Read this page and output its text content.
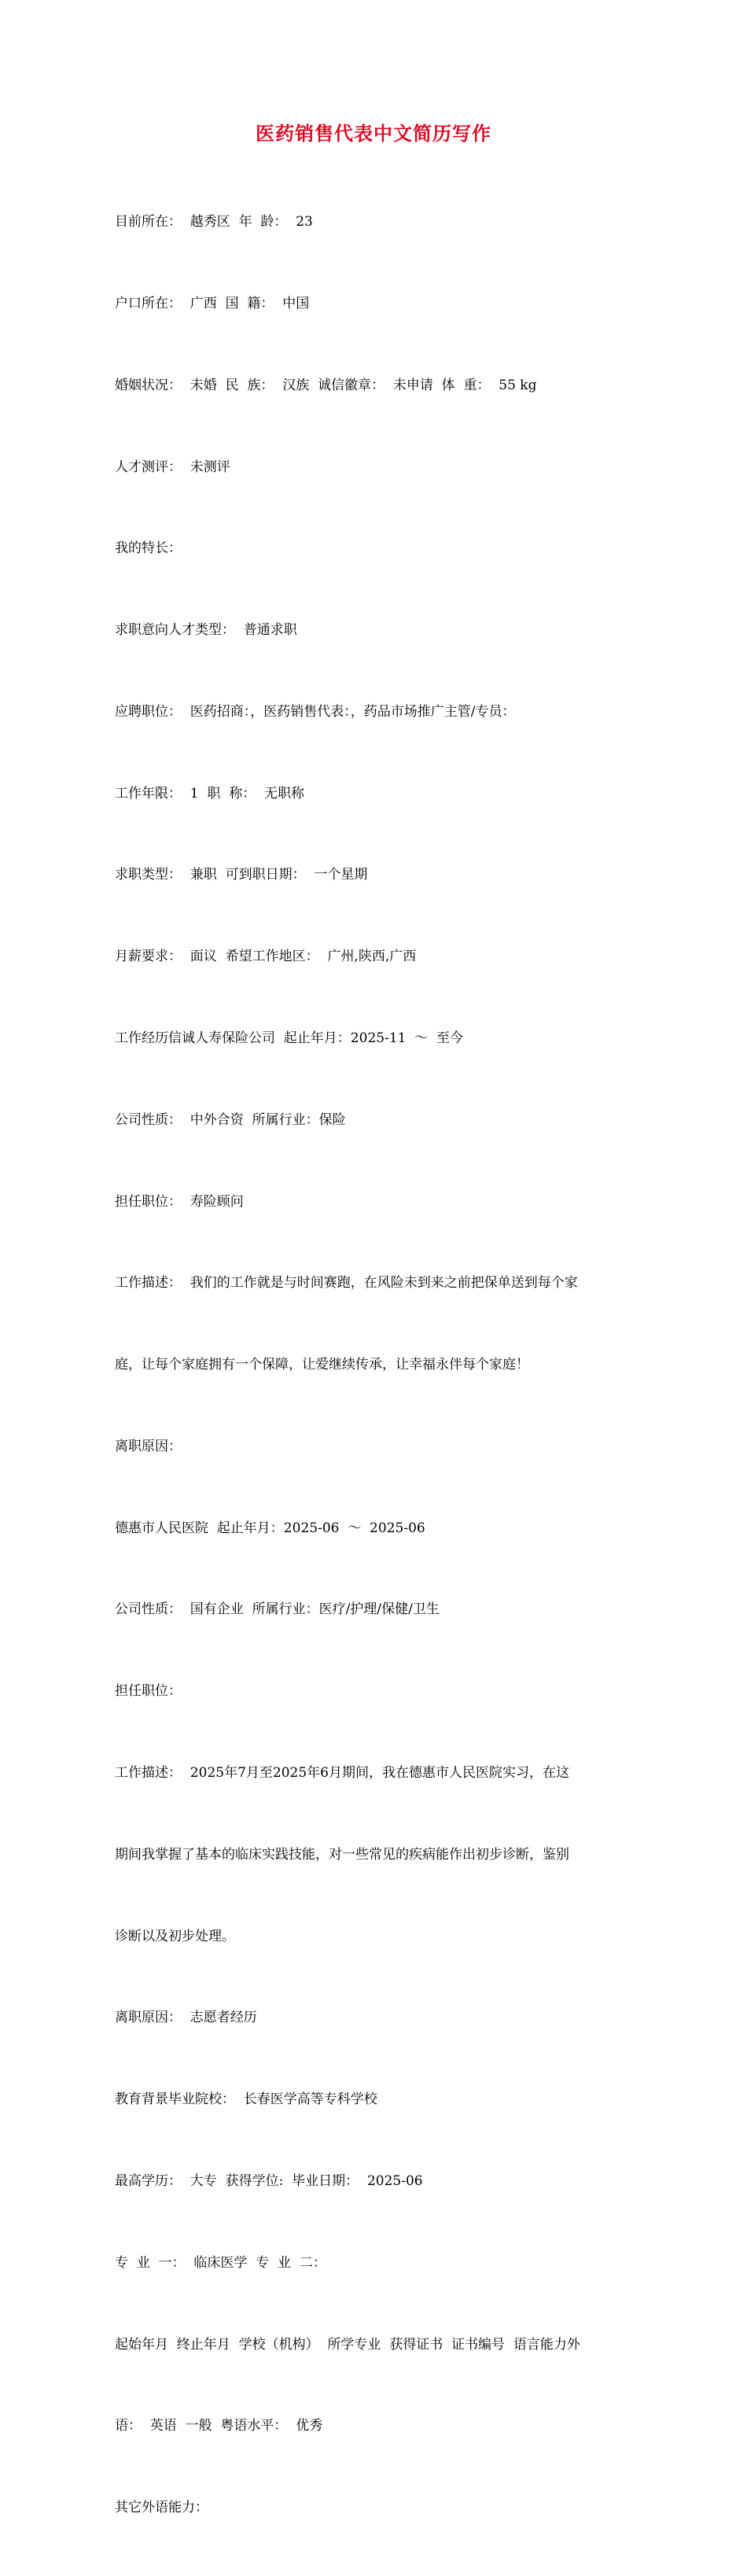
医药销售代表中文简历写作

目前所在：  越秀区  年  龄：  23

户口所在：  广西  国  籍：  中国

婚姻状况：  未婚  民  族：  汉族  诚信徽章：  未申请  体  重：  55 kg

人才测评：  未测评

我的特长：

求职意向人才类型：  普通求职

应聘职位：  医药招商：，医药销售代表：，药品市场推广主管/专员：

工作年限：  1  职  称：  无职称

求职类型：  兼职  可到职日期：  一个星期

月薪要求：  面议  希望工作地区：  广州,陕西,广西

工作经历信诚人寿保险公司  起止年月：2025-11  ～  至今

公司性质：  中外合资  所属行业：保险

担任职位：  寿险顾问

工作描述：  我们的工作就是与时间赛跑，在风险未到来之前把保单送到每个家

庭，让每个家庭拥有一个保障，让爱继续传承，让幸福永伴每个家庭！

离职原因：

德惠市人民医院  起止年月：2025-06  ～  2025-06

公司性质：  国有企业  所属行业：医疗/护理/保健/卫生

担任职位：

工作描述：  2025年7月至2025年6月期间，我在德惠市人民医院实习，在这

期间我掌握了基本的临床实践技能，对一些常见的疾病能作出初步诊断，鉴别

诊断以及初步处理。

离职原因：  志愿者经历

教育背景毕业院校：  长春医学高等专科学校

最高学历：  大专  获得学位:  毕业日期：  2025-06

专  业  一：  临床医学  专  业  二：

起始年月  终止年月  学校（机构）  所学专业  获得证书  证书编号  语言能力外

语：  英语  一般  粤语水平：  优秀

其它外语能力：
